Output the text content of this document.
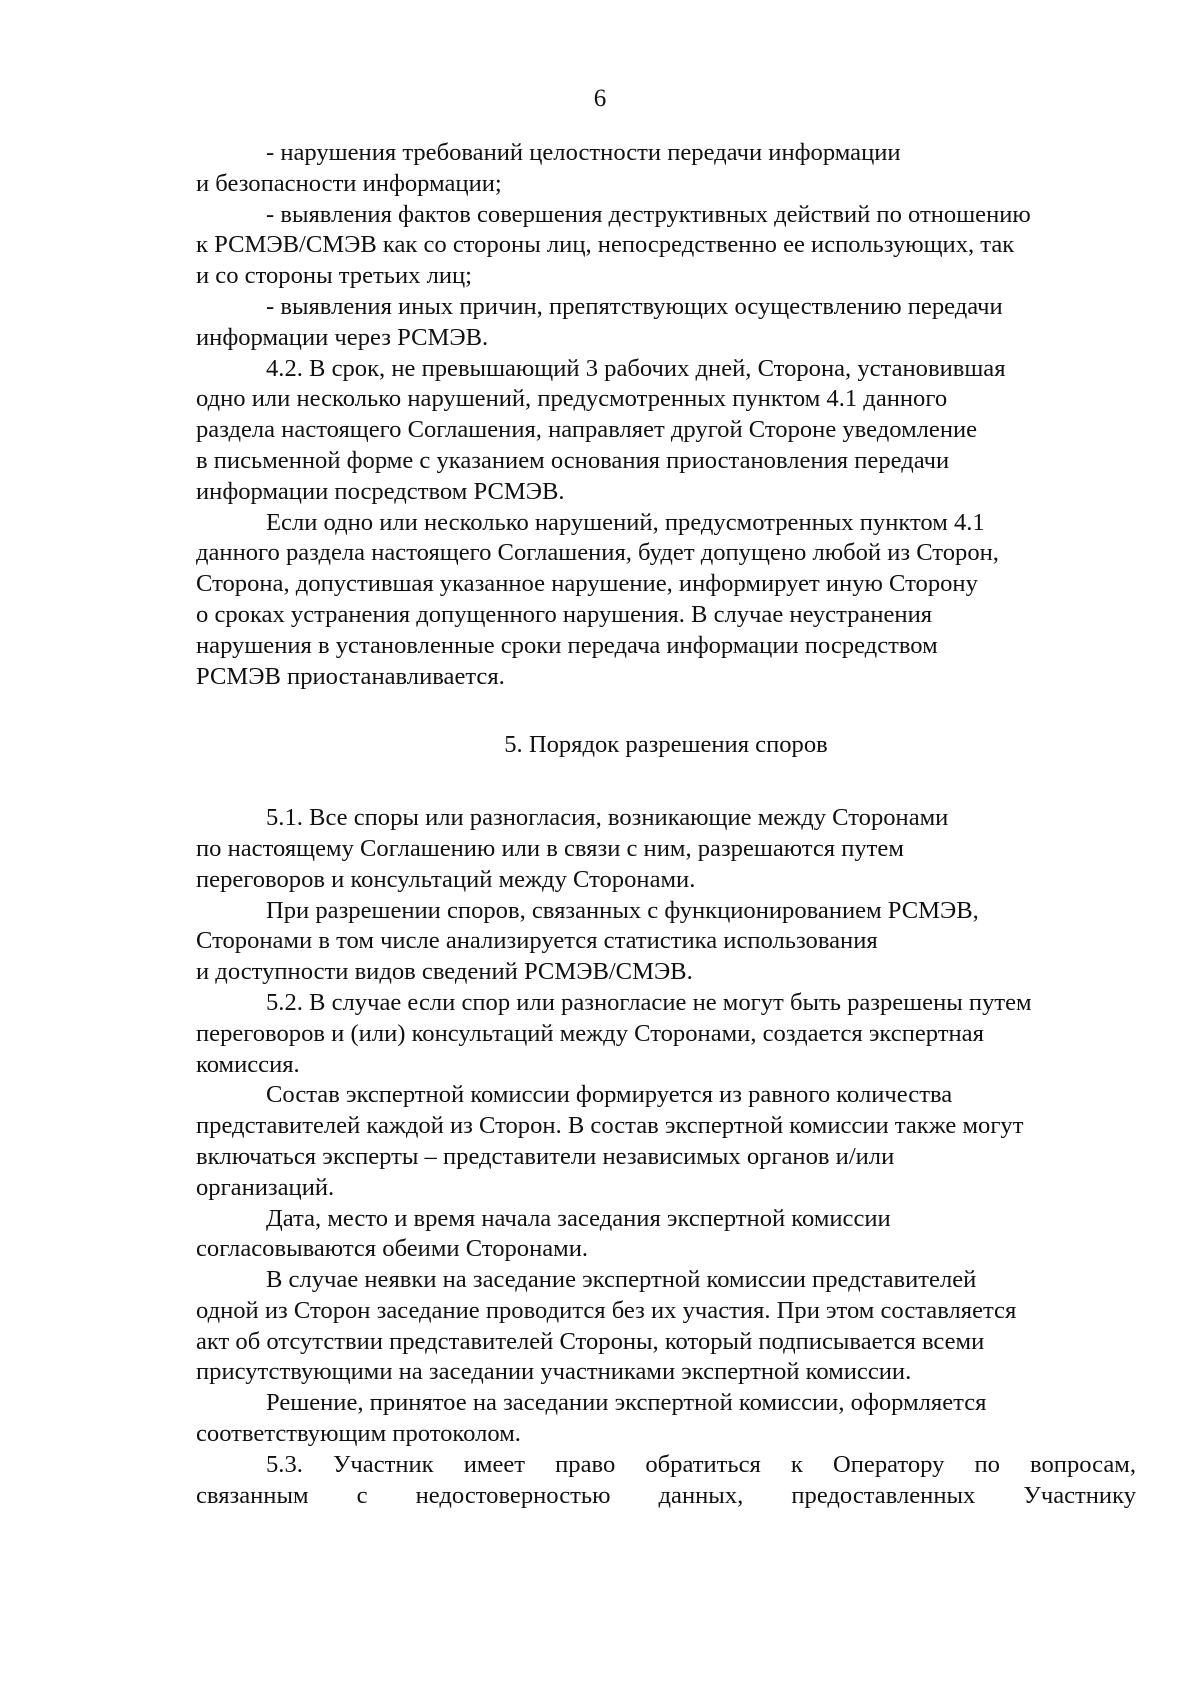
6

- нарушения требований целостности передачи информации
и безопасности информации;

- выявления фактов совершения деструктивных действий по отношению
к РСМЭВ/СМЭВ как со стороны лиц, непосредственно ее использующих, так
и со стороны третьих лиц;

- выявления иных причин, препятствующих осуществлению передачи
информации через РСМЭВ.

4.2. В срок, не превышающий 3 рабочих дней, Сторона, установившая
одно или несколько нарушений, предусмотренных пунктом 4.1 данного
раздела настоящего Соглашения, направляет другой Стороне уведомление
в письменной форме с указанием основания приостановления передачи
информации посредством РСМЭВ.

Если одно или несколько нарушений, предусмотренных пунктом 4.1
данного раздела настоящего Соглашения, будет допущено любой из Сторон,
Сторона, допустившая указанное нарушение, информирует иную Сторону
о сроках устранения допущенного нарушения. В случае неустранения
нарушения в установленные сроки передача информации посредством
РСМЭВ приостанавливается.

5. Порядок разрешения споров

5.1. Все споры или разногласия, возникающие между Сторонами
по настоящему Соглашению или в связи с ним, разрешаются путем
переговоров и консультаций между Сторонами.

При разрешении споров, связанных с функционированием РСМЭВ,
Сторонами в том числе анализируется статистика использования
и доступности видов сведений РСМЭВ/СМЭВ.

5.2. В случае если спор или разногласие не могут быть разрешены путем
переговоров и (или) консультаций между Сторонами, создается экспертная
комиссия.

Состав экспертной комиссии формируется из равного количества
представителей каждой из Сторон. В состав экспертной комиссии также могут
включаться эксперты – представители независимых органов и/или
организаций.

Дата, место и время начала заседания экспертной комиссии
согласовываются обеими Сторонами.

В случае неявки на заседание экспертной комиссии представителей
одной из Сторон заседание проводится без их участия. При этом составляется
акт об отсутствии представителей Стороны, который подписывается всеми
присутствующими на заседании участниками экспертной комиссии.

Решение, принятое на заседании экспертной комиссии, оформляется
соответствующим протоколом.

5.3. Участник имеет право обратиться к Оператору по вопросам,
связанным с недостоверностью данных, предоставленных Участнику
